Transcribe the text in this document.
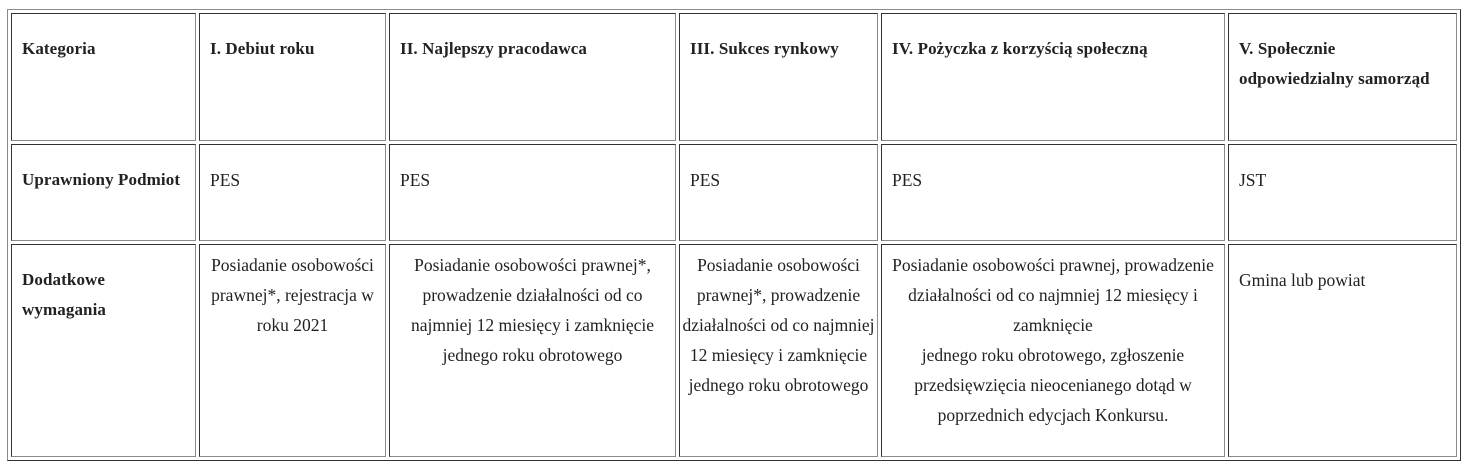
Kategoria	I. Debiut roku	II. Najlepszy pracodawca	III. Sukces rynkowy	IV. Pożyczka z korzyścią społeczną	V. Społecznie odpowiedzialny samorząd
Uprawniony Podmiot	PES	PES	PES	PES	JST
Dodatkowe wymagania	Posiadanie osobowości prawnej*, rejestracja w roku 2021	Posiadanie osobowości prawnej*, prowadzenie działalności od co najmniej 12 miesięcy i zamknięcie jednego roku obrotowego	Posiadanie osobowości prawnej*, prowadzenie działalności od co najmniej 12 miesięcy i zamknięcie
jednego roku obrotowego	Posiadanie osobowości prawnej, prowadzenie działalności od co najmniej 12 miesięcy i zamknięcie
jednego roku obrotowego, zgłoszenie przedsięwzięcia nieocenianego dotąd w poprzednich edycjach Konkursu.	Gmina lub powiat
